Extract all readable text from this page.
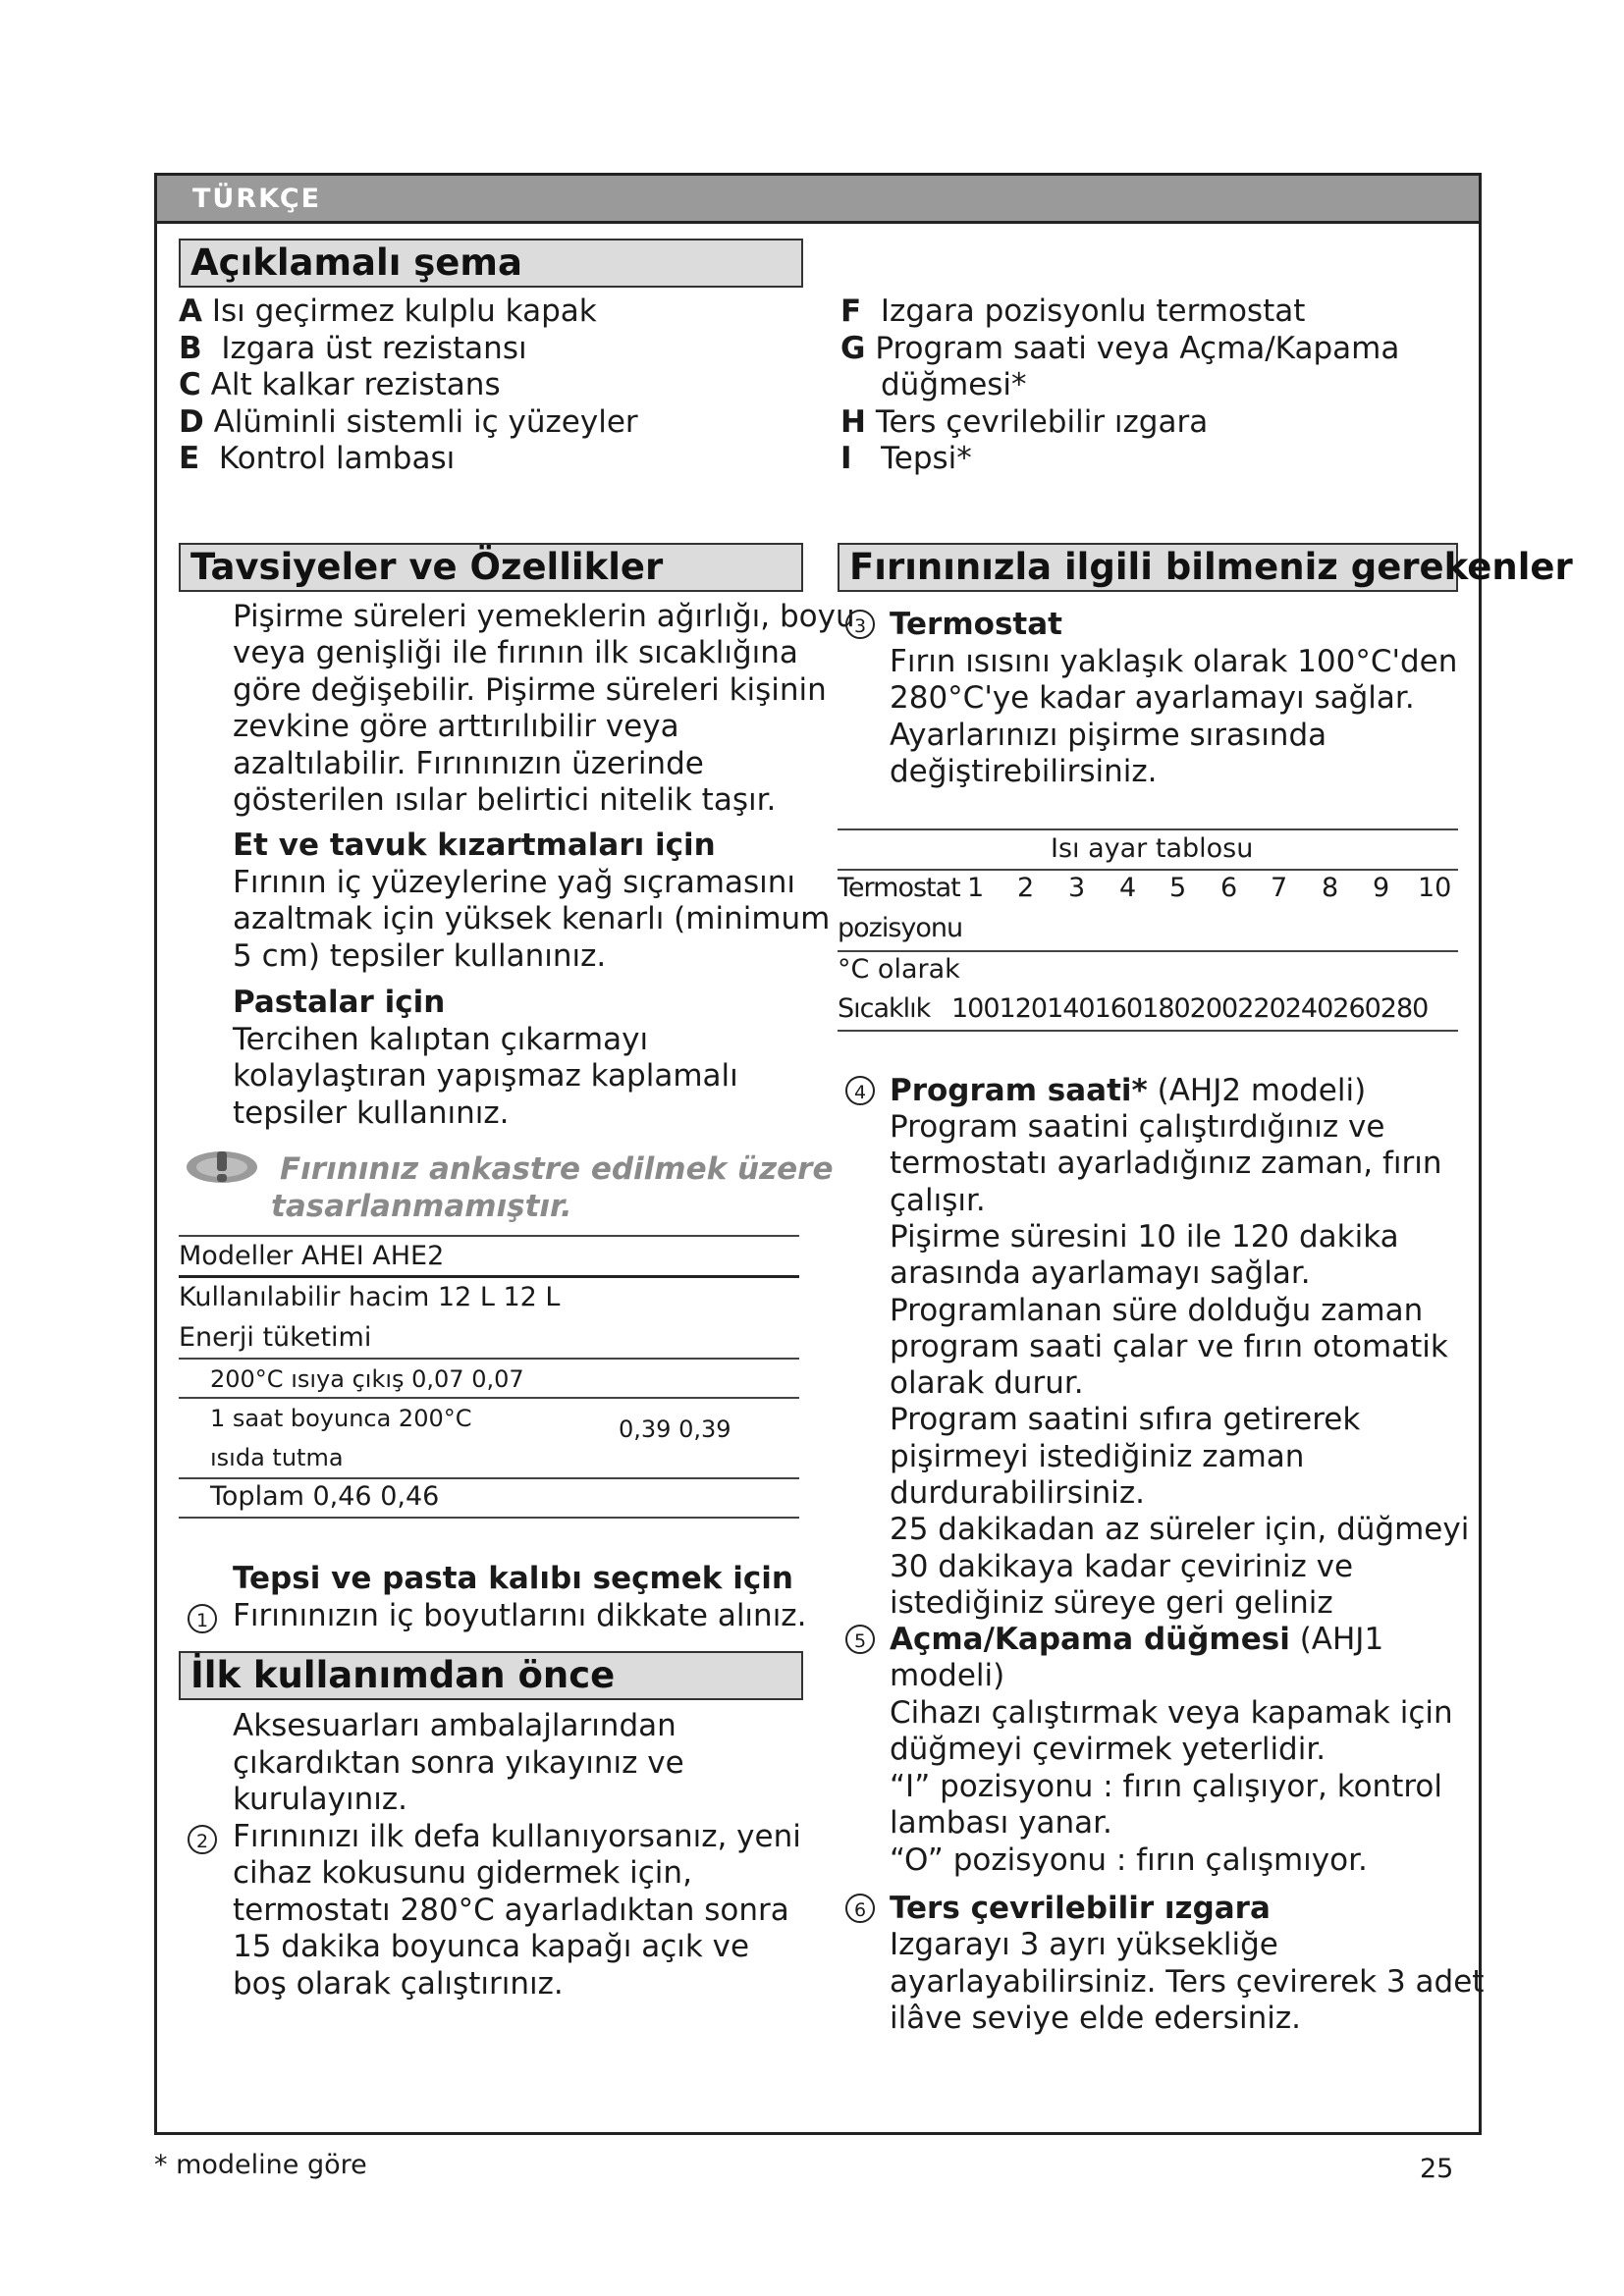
TÜRKÇE
Açıklamalı şema
A Isı geçirmez kulplu kapak
B Izgara üst rezistansı
C Alt kalkar rezistans
D Alüminli sistemli iç yüzeyler
E Kontrol lambası
F Izgara pozisyonlu termostat
G Program saati veya Açma/Kapama
düğmesi*
H Ters çevrilebilir ızgara
I Tepsi*
Tavsiyeler ve Özellikler
Pişirme süreleri yemeklerin ağırlığı, boyu
veya genişliği ile fırının ilk sıcaklığına
göre değişebilir. Pişirme süreleri kişinin
zevkine göre arttırılıbilir veya
azaltılabilir. Fırınınızın üzerinde
gösterilen ısılar belirtici nitelik taşır.
Et ve tavuk kızartmaları için
Fırının iç yüzeylerine yağ sıçramasını
azaltmak için yüksek kenarlı (minimum
5 cm) tepsiler kullanınız.
Pastalar için
Tercihen kalıptan çıkarmayı
kolaylaştıran yapışmaz kaplamalı
tepsiler kullanınız.
Fırınınız ankastre edilmek üzere
tasarlanmamıştır.
Modeller AHEI AHE2
Kullanılabilir hacim 12 L 12 L
Enerji tüketimi
200°C ısıya çıkış 0,07 0,07
1 saat boyunca 200°C
ısıda tutma
0,39 0,39
Toplam 0,46 0,46
Tepsi ve pasta kalıbı seçmek için
1 Fırınınızın iç boyutlarını dikkate alınız.
İlk kullanımdan önce
Aksesuarları ambalajlarından
çıkardıktan sonra yıkayınız ve
kurulayınız.
2 Fırınınızı ilk defa kullanıyorsanız, yeni
cihaz kokusunu gidermek için,
termostatı 280°C ayarladıktan sonra
15 dakika boyunca kapağı açık ve
boş olarak çalıştırınız.
Fırınınızla ilgili bilmeniz gerekenler
3 Termostat
Fırın ısısını yaklaşık olarak 100°C'den
280°C'ye kadar ayarlamayı sağlar.
Ayarlarınızı pişirme sırasında
değiştirebilirsiniz.
Isı ayar tablosu
Termostat
pozisyonu
1 2 3 4 5 6 7 8 9 10
°C olarak
Sıcaklık 100120140160180200220240260280
4 Program saati* (AHJ2 modeli)
Program saatini çalıştırdığınız ve
termostatı ayarladığınız zaman, fırın
çalışır.
Pişirme süresini 10 ile 120 dakika
arasında ayarlamayı sağlar.
Programlanan süre dolduğu zaman
program saati çalar ve fırın otomatik
olarak durur.
Program saatini sıfıra getirerek
pişirmeyi istediğiniz zaman
durdurabilirsiniz.
25 dakikadan az süreler için, düğmeyi
30 dakikaya kadar çeviriniz ve
istediğiniz süreye geri geliniz
5 Açma/Kapama düğmesi (AHJ1
modeli)
Cihazı çalıştırmak veya kapamak için
düğmeyi çevirmek yeterlidir.
“I” pozisyonu : fırın çalışıyor, kontrol
lambası yanar.
“O” pozisyonu : fırın çalışmıyor.
6 Ters çevrilebilir ızgara
Izgarayı 3 ayrı yüksekliğe
ayarlayabilirsiniz. Ters çevirerek 3 adet
ilâve seviye elde edersiniz.
* modeline göre	25
